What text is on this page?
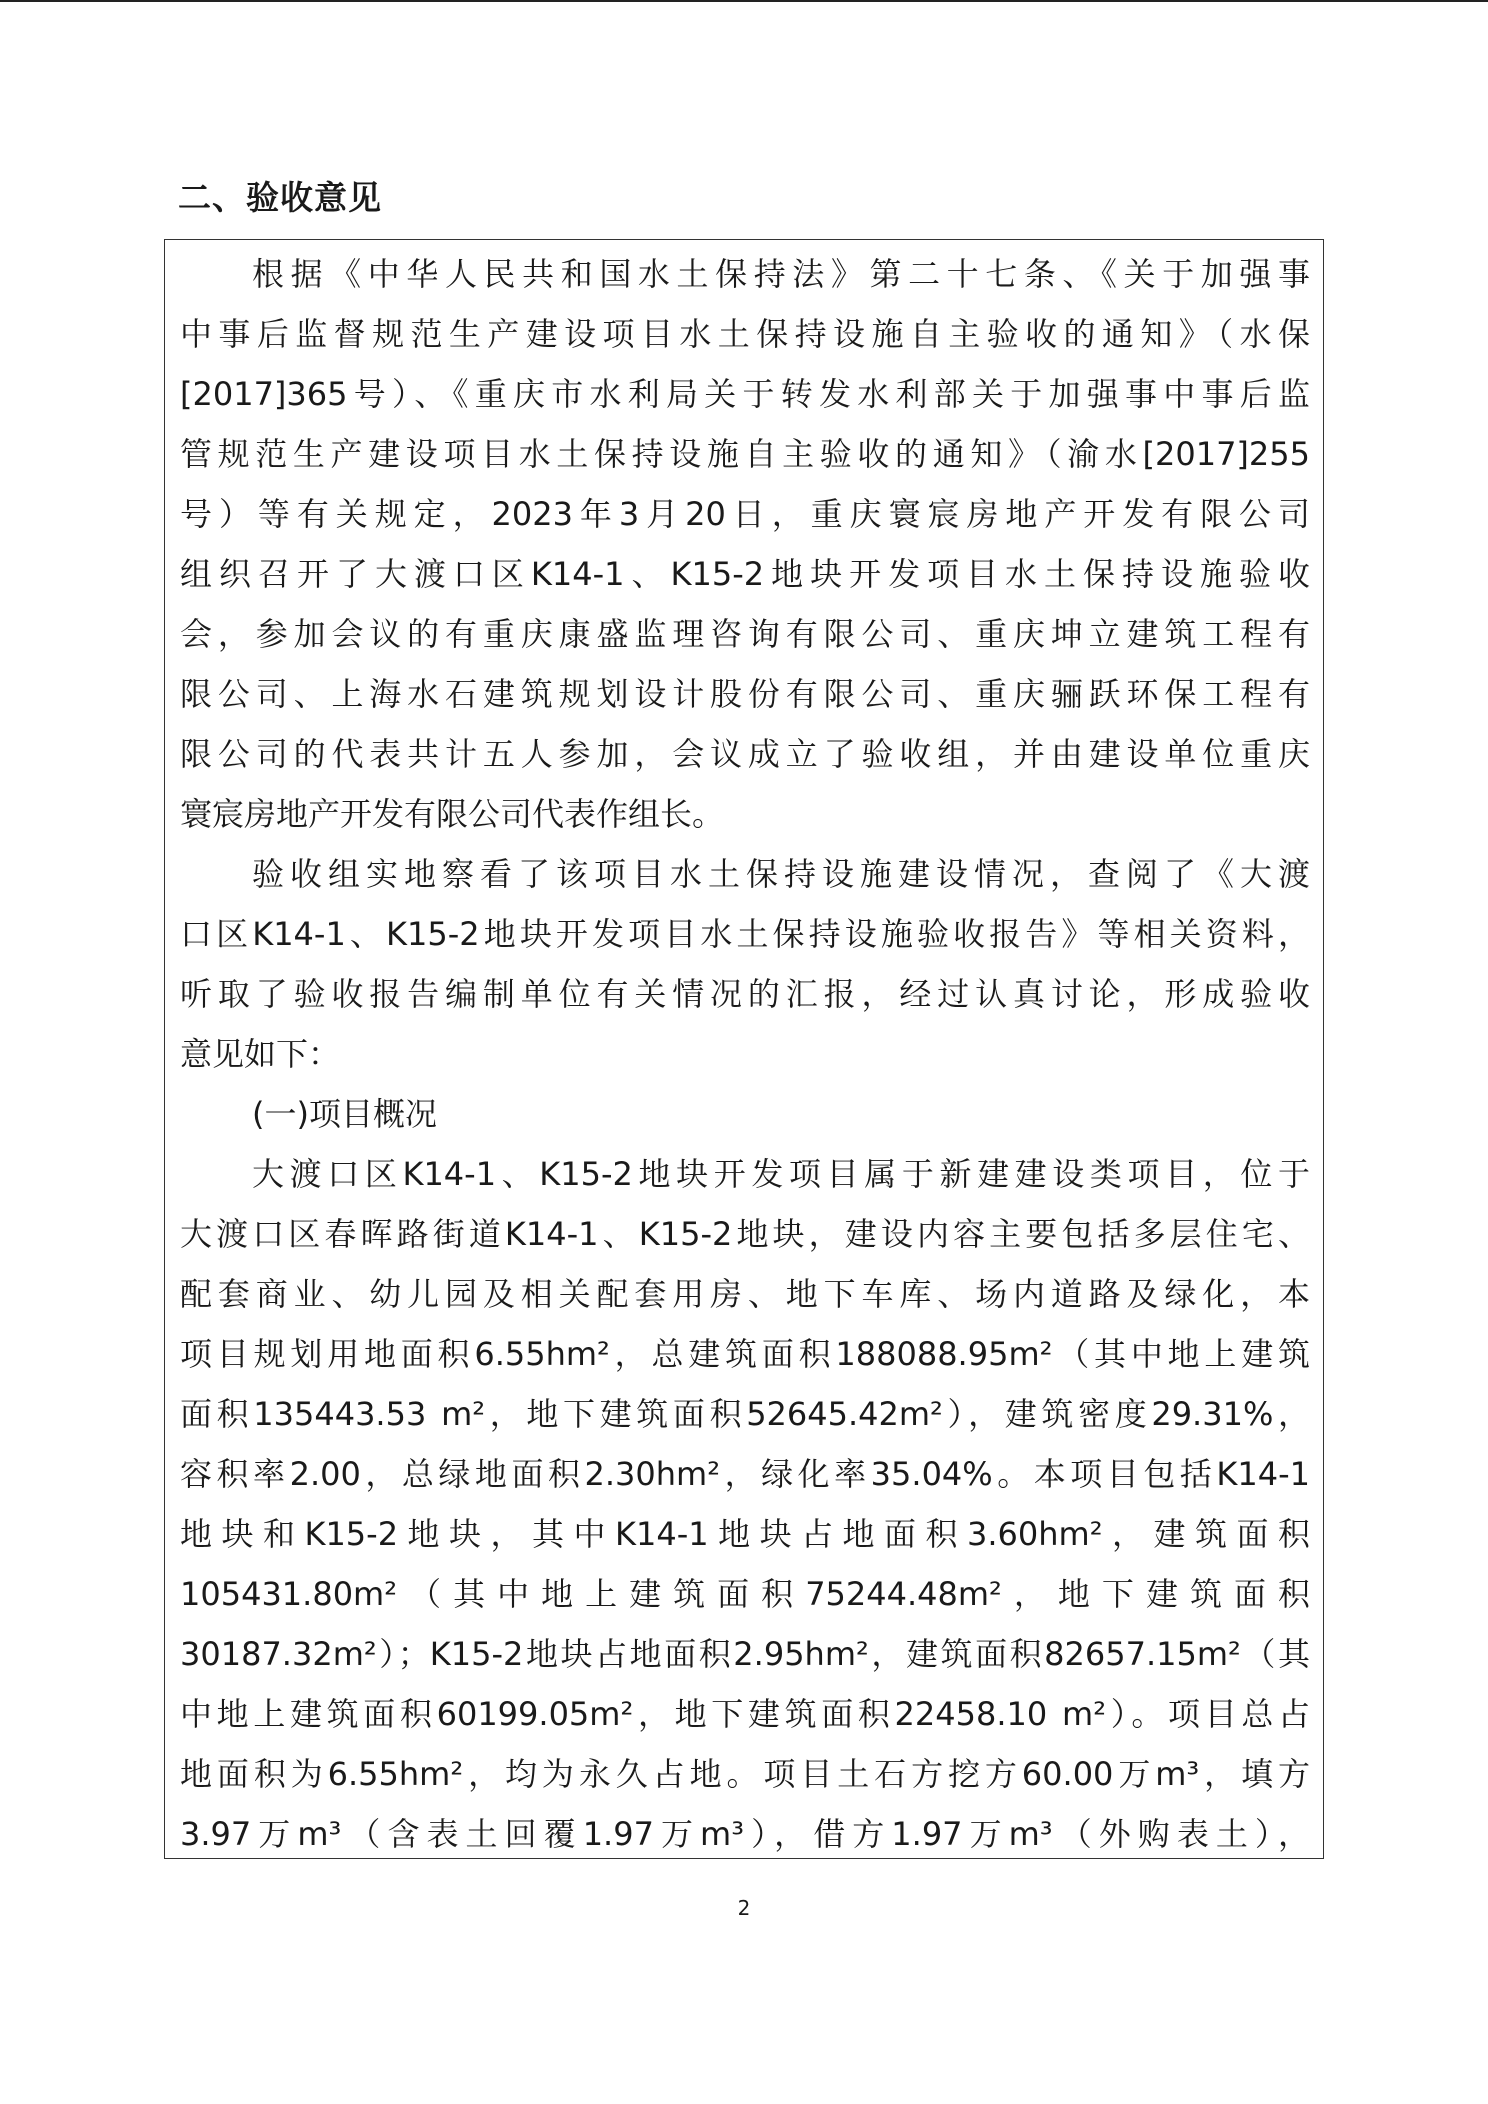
二、验收意见
根据《中华人民共和国水土保持法》第二十七条、《关于加强事
中事后监督规范生产建设项目水土保持设施自主验收的通知》（水保
[2017]365号）、《重庆市水利局关于转发水利部关于加强事中事后监
管规范生产建设项目水土保持设施自主验收的通知》（渝水[2017]255
号）等有关规定，2023年3月20日，重庆寰宸房地产开发有限公司
组织召开了大渡口区K14-1、K15-2地块开发项目水土保持设施验收
会，参加会议的有重庆康盛监理咨询有限公司、重庆坤立建筑工程有
限公司、上海水石建筑规划设计股份有限公司、重庆骊跃环保工程有
限公司的代表共计五人参加，会议成立了验收组，并由建设单位重庆
寰宸房地产开发有限公司代表作组长。
验收组实地察看了该项目水土保持设施建设情况，查阅了《大渡
口区K14-1、K15-2地块开发项目水土保持设施验收报告》等相关资料，
听取了验收报告编制单位有关情况的汇报，经过认真讨论，形成验收
意见如下：
(一)项目概况
大渡口区K14-1、K15-2地块开发项目属于新建建设类项目，位于
大渡口区春晖路街道K14-1、K15-2地块，建设内容主要包括多层住宅、
配套商业、幼儿园及相关配套用房、地下车库、场内道路及绿化，本
项目规划用地面积6.55hm²，总建筑面积188088.95m²（其中地上建筑
面积135443.53 m²，地下建筑面积52645.42m²），建筑密度29.31%，
容积率2.00，总绿地面积2.30hm²，绿化率35.04%。本项目包括K14-1
地块和K15-2地块，其中K14-1地块占地面积3.60hm²，建筑面积
105431.80m²（其中地上建筑面积75244.48m²，地下建筑面积
30187.32m²）；K15-2地块占地面积2.95hm²，建筑面积82657.15m²（其
中地上建筑面积60199.05m²，地下建筑面积22458.10 m²）。项目总占
地面积为6.55hm²，均为永久占地。项目土石方挖方60.00万m³，填方
3.97万m³（含表土回覆1.97万m³），借方1.97万m³（外购表土），
2
